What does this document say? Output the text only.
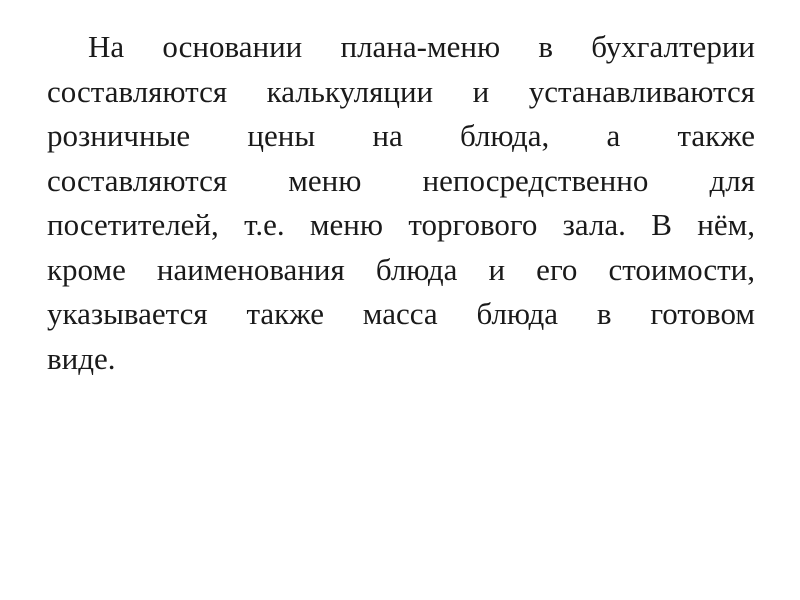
На основании плана-меню в бухгалтерии
составляются калькуляции и устанавливаются
розничные цены на блюда, а также
составляются меню непосредственно для
посетителей, т.е. меню торгового зала. В нём,
кроме наименования блюда и его стоимости,
указывается также масса блюда в готовом
виде.
